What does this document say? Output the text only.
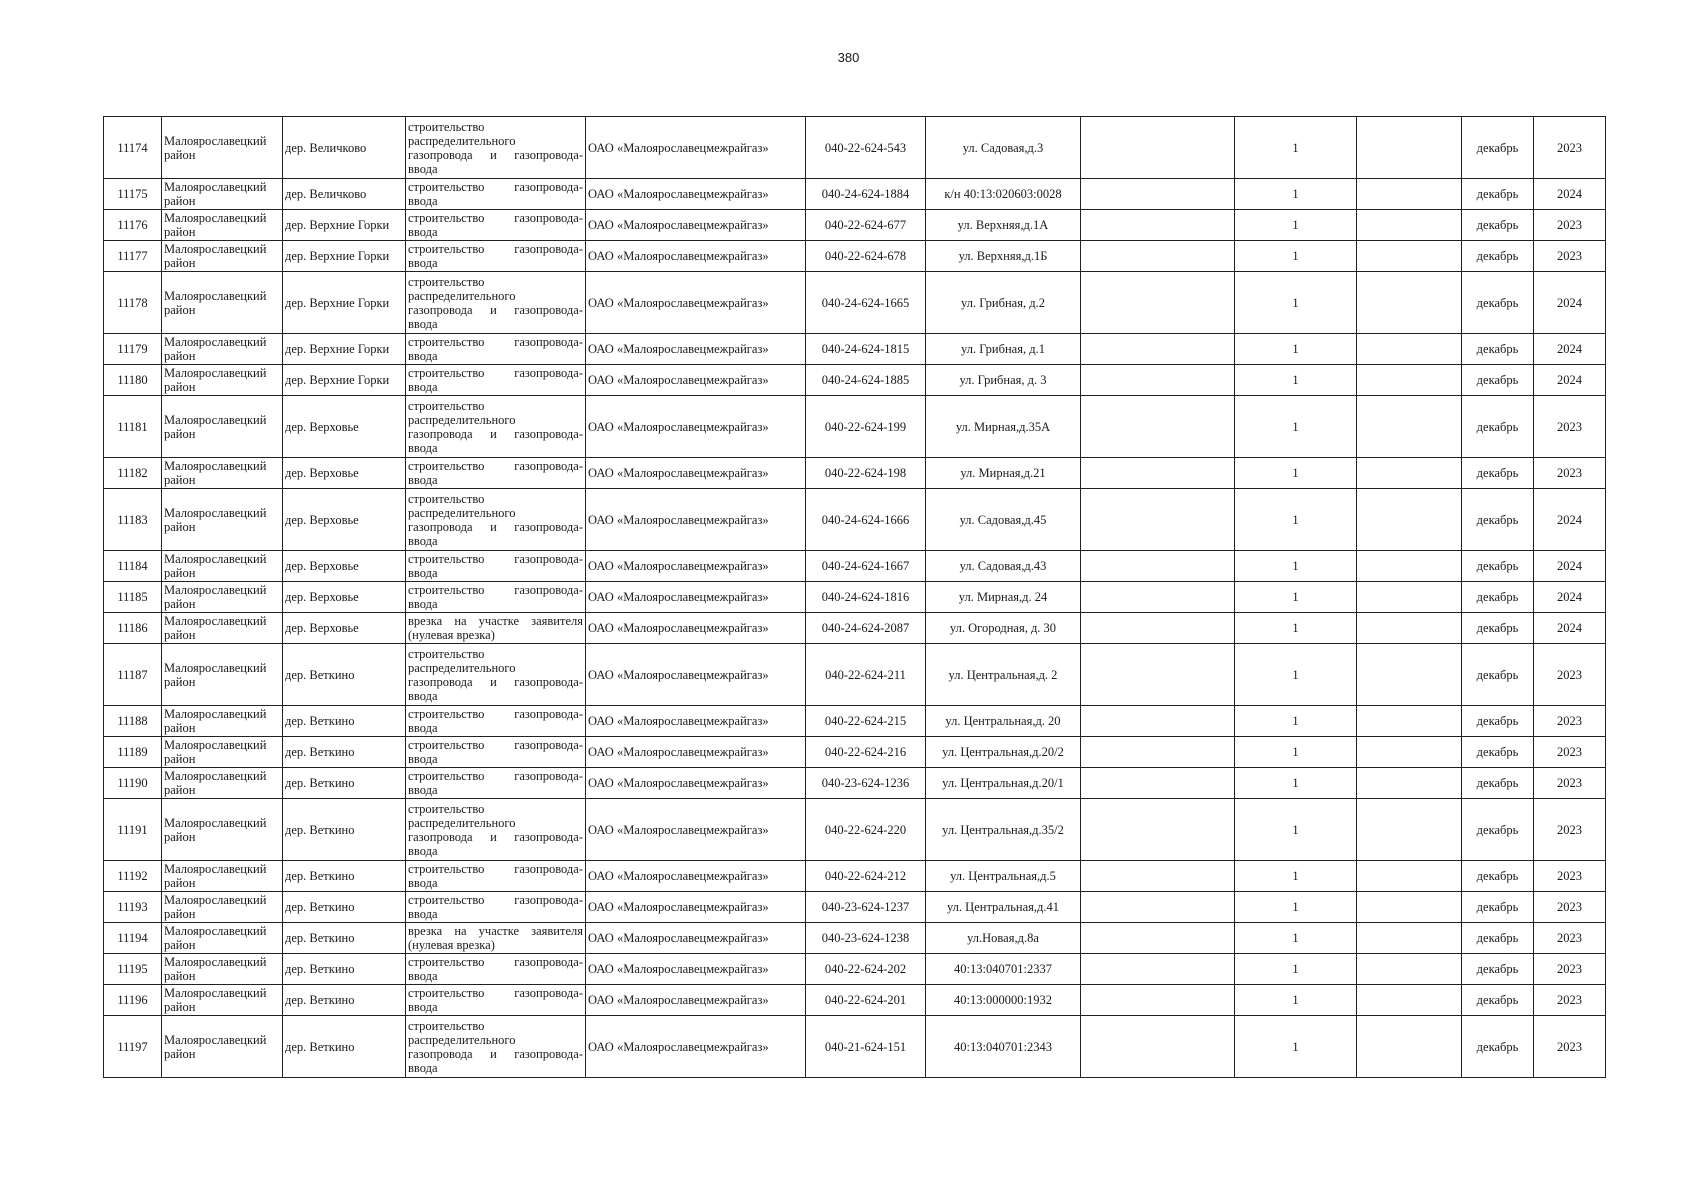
380
11174	Малоярославецкий район	дер. Величково	строительство
распределительного
газопровода и газопровода-
ввода	ОАО «Малоярославецмежрайгаз»	040-22-624-543	ул. Садовая,д.3		1		декабрь	2023
11175	Малоярославецкий район	дер. Величково	строительство газопровода-
ввода	ОАО «Малоярославецмежрайгаз»	040-24-624-1884	к/н 40:13:020603:0028		1		декабрь	2024
11176	Малоярославецкий район	дер. Верхние Горки	строительство газопровода-
ввода	ОАО «Малоярославецмежрайгаз»	040-22-624-677	ул. Верхняя,д.1А		1		декабрь	2023
11177	Малоярославецкий район	дер. Верхние Горки	строительство газопровода-
ввода	ОАО «Малоярославецмежрайгаз»	040-22-624-678	ул. Верхняя,д.1Б		1		декабрь	2023
11178	Малоярославецкий район	дер. Верхние Горки	строительство
распределительного
газопровода и газопровода-
ввода	ОАО «Малоярославецмежрайгаз»	040-24-624-1665	ул. Грибная, д.2		1		декабрь	2024
11179	Малоярославецкий район	дер. Верхние Горки	строительство газопровода-
ввода	ОАО «Малоярославецмежрайгаз»	040-24-624-1815	ул. Грибная, д.1		1		декабрь	2024
11180	Малоярославецкий район	дер. Верхние Горки	строительство газопровода-
ввода	ОАО «Малоярославецмежрайгаз»	040-24-624-1885	ул. Грибная, д. 3		1		декабрь	2024
11181	Малоярославецкий район	дер. Верховье	строительство
распределительного
газопровода и газопровода-
ввода	ОАО «Малоярославецмежрайгаз»	040-22-624-199	ул. Мирная,д.35А		1		декабрь	2023
11182	Малоярославецкий район	дер. Верховье	строительство газопровода-
ввода	ОАО «Малоярославецмежрайгаз»	040-22-624-198	ул. Мирная,д.21		1		декабрь	2023
11183	Малоярославецкий район	дер. Верховье	строительство
распределительного
газопровода и газопровода-
ввода	ОАО «Малоярославецмежрайгаз»	040-24-624-1666	ул. Садовая,д.45		1		декабрь	2024
11184	Малоярославецкий район	дер. Верховье	строительство газопровода-
ввода	ОАО «Малоярославецмежрайгаз»	040-24-624-1667	ул. Садовая,д.43		1		декабрь	2024
11185	Малоярославецкий район	дер. Верховье	строительство газопровода-
ввода	ОАО «Малоярославецмежрайгаз»	040-24-624-1816	ул. Мирная,д. 24		1		декабрь	2024
11186	Малоярославецкий район	дер. Верховье	врезка на участке заявителя
(нулевая врезка)	ОАО «Малоярославецмежрайгаз»	040-24-624-2087	ул. Огородная, д. 30		1		декабрь	2024
11187	Малоярославецкий район	дер. Веткино	строительство
распределительного
газопровода и газопровода-
ввода	ОАО «Малоярославецмежрайгаз»	040-22-624-211	ул. Центральная,д. 2		1		декабрь	2023
11188	Малоярославецкий район	дер. Веткино	строительство газопровода-
ввода	ОАО «Малоярославецмежрайгаз»	040-22-624-215	ул. Центральная,д. 20		1		декабрь	2023
11189	Малоярославецкий район	дер. Веткино	строительство газопровода-
ввода	ОАО «Малоярославецмежрайгаз»	040-22-624-216	ул. Центральная,д.20/2		1		декабрь	2023
11190	Малоярославецкий район	дер. Веткино	строительство газопровода-
ввода	ОАО «Малоярославецмежрайгаз»	040-23-624-1236	ул. Центральная,д.20/1		1		декабрь	2023
11191	Малоярославецкий район	дер. Веткино	строительство
распределительного
газопровода и газопровода-
ввода	ОАО «Малоярославецмежрайгаз»	040-22-624-220	ул. Центральная,д.35/2		1		декабрь	2023
11192	Малоярославецкий район	дер. Веткино	строительство газопровода-
ввода	ОАО «Малоярославецмежрайгаз»	040-22-624-212	ул. Центральная,д.5		1		декабрь	2023
11193	Малоярославецкий район	дер. Веткино	строительство газопровода-
ввода	ОАО «Малоярославецмежрайгаз»	040-23-624-1237	ул. Центральная,д.41		1		декабрь	2023
11194	Малоярославецкий район	дер. Веткино	врезка на участке заявителя
(нулевая врезка)	ОАО «Малоярославецмежрайгаз»	040-23-624-1238	ул.Новая,д.8а		1		декабрь	2023
11195	Малоярославецкий район	дер. Веткино	строительство газопровода-
ввода	ОАО «Малоярославецмежрайгаз»	040-22-624-202	40:13:040701:2337		1		декабрь	2023
11196	Малоярославецкий район	дер. Веткино	строительство газопровода-
ввода	ОАО «Малоярославецмежрайгаз»	040-22-624-201	40:13:000000:1932		1		декабрь	2023
11197	Малоярославецкий район	дер. Веткино	строительство
распределительного
газопровода и газопровода-
ввода	ОАО «Малоярославецмежрайгаз»	040-21-624-151	40:13:040701:2343		1		декабрь	2023
